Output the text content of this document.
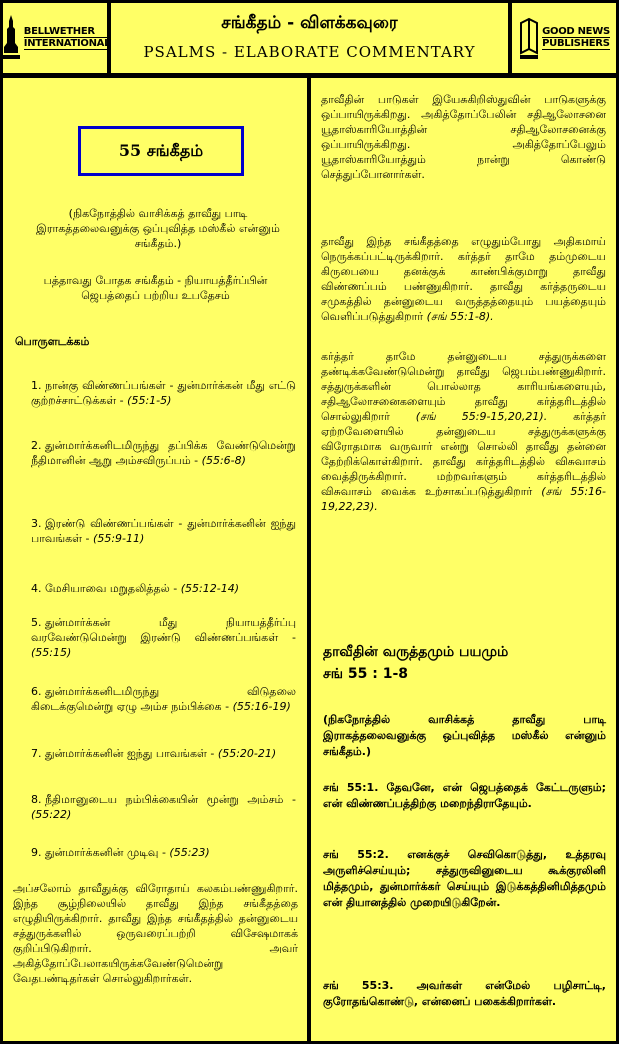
BELLWETHER
INTERNATIONAL
சங்கீதம் - விளக்கவுரை
PSALMS - ELABORATE COMMENTARY
GOOD NEWS
PUBLISHERS
55 சங்கீதம்
(நிகநோத்தில் வாசிக்கத் தாவீது பாடி இராகத்தலைவனுக்கு ஒப்புவித்த மஸ்கீல் என்னும் சங்கீதம்.)
பத்தாவது போதக சங்கீதம் - நியாயத்தீர்ப்பின் ஜெபத்தைப் பற்றிய உபதேசம்
பொருளடக்கம்
1. நான்கு விண்ணப்பங்கள் - துன்மார்க்கன் மீது எட்டு குற்றச்சாட்டுக்கள் - (55:1-5)
2. துன்மார்க்கனிடமிருந்து தப்பிக்க வேண்டுமென்று நீதிமானின் ஆறு அம்சவிருப்பம் - (55:6-8)
3. இரண்டு விண்ணப்பங்கள் - துன்மார்க்கனின் ஐந்து பாவங்கள் - (55:9-11)
4. மேசியாவை மறுதலித்தல் - (55:12-14)
5. துன்மார்க்கன் மீது நியாயத்தீர்ப்பு வரவேண்டுமென்று இரண்டு விண்ணப்பங்கள் - (55:15)
6. துன்மார்க்கனிடமிருந்து விடுதலை கிடைக்குமென்று ஏழு அம்ச நம்பிக்கை - (55:16-19)
7. துன்மார்க்கனின் ஐந்து பாவங்கள் - (55:20-21)
8. நீதிமானுடைய நம்பிக்கையின் மூன்று அம்சம் - (55:22)
9. துன்மார்க்கனின் முடிவு - (55:23)
அப்சலோம் தாவீதுக்கு விரோதாய் கலகம்பண்ணுகிறார். இந்த சூழ்நிலையில் தாவீது இந்த சங்கீதத்தை எழுதியிருக்கிறார். தாவீது இந்த சங்கீதத்தில் தன்னுடைய சத்துருக்களில் ஒருவரைப்பற்றி விசேஷமாகக் குறிப்பிடுகிறார். அவர் அகித்தோப்பேலாகயிருக்கவேண்டுமென்று வேதபண்டிதர்கள் சொல்லுகிறார்கள்.
தாவீதின் பாடுகள் இயேசுகிறிஸ்துவின் பாடுகளுக்கு ஒப்பாயிருக்கிறது. அகித்தோப்பேலின் சதிஆலோசனை யூதாஸ்காரியோத்தின் சதிஆலோசனைக்கு ஒப்பாயிருக்கிறது. அகித்தோப்பேலும் யூதாஸ்காரியோத்தும் நான்று கொண்டு செத்துப்போனார்கள்.
தாவீது இந்த சங்கீதத்தை எழுதும்போது அதிகமாய் நெருக்கப்பட்டிருக்கிறார். கர்த்தர் தாமே தம்முடைய கிருபையை தனக்குக் காண்பிக்குமாறு தாவீது விண்ணப்பம் பண்ணுகிறார். தாவீது கர்த்தருடைய சமுகத்தில் தன்னுடைய வருத்தத்தையும் பயத்தையும் வெளிப்படுத்துகிறார் (சங் 55:1-8).
கர்த்தர் தாமே தன்னுடைய சத்துருக்களை தண்டிக்கவேண்டுமென்று தாவீது ஜெபம்பண்ணுகிறார். சத்துருக்களின் பொல்லாத காரியங்களையும், சதிஆலோசனைகளையும் தாவீது கர்த்தரிடத்தில் சொல்லுகிறார் (சங் 55:9-15,20,21). கர்த்தர் ஏற்றவேளையில் தன்னுடைய சத்துருக்களுக்கு விரோதமாக வருவார் என்று சொல்லி தாவீது தன்னை தேற்றிக்கொள்கிறார். தாவீது கர்த்தரிடத்தில் விசுவாசம் வைத்திருக்கிறார். மற்றவர்களும் கர்த்தரிடத்தில் விசுவாசம் வைக்க உற்சாகப்படுத்துகிறார் (சங் 55:16-19,22,23).
தாவீதின் வருத்தமும் பயமும்
சங் 55 : 1-8
(நிகநோத்தில் வாசிக்கத் தாவீது பாடி இராகத்தலைவனுக்கு ஒப்புவித்த மஸ்கீல் என்னும் சங்கீதம்.)
சங் 55:1. தேவனே, என் ஜெபத்தைக் கேட்டருளும்; என் விண்ணப்பத்திற்கு மறைந்திராதேயும்.
சங் 55:2. எனக்குச் செவிகொடுத்து, உத்தரவு அருளிச்செய்யும்; சத்துருவினுடைய கூக்குரலினி மித்தமும், துன்மார்க்கர் செய்யும் இடுக்கத்தினிமித்தமும் என் தியானத்தில் முறையிடுகிறேன்.
சங் 55:3. அவர்கள் என்மேல் பழிசாட்டி, குரோதங்கொண்டு, என்னைப் பகைக்கிறார்கள்.
